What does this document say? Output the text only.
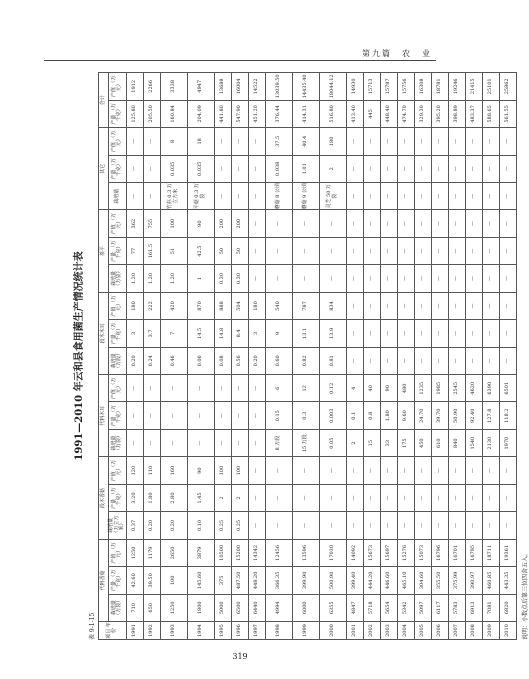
第九篇　农　业
1991—2010 年云和县食用菌生产情况统计表
表 9-1-15	项目 年份	代料香菇			段木香菇			代料木耳			段木木耳			茶平			其它			合计	
	栽培量 （万袋）	产量 （万千克）	产值 （万元）	栽培量 （万立方米）	产量 （万千克）	产值 （万元）	栽培量 （万袋）	产量 （万千克）	产值 （万元）	栽培量 （万段）	产量 （万千克）	产值 （万元）	栽培量 （万袋）	产量 （万千克）	产值 （万元）	栽培量	产量 （万千克）	产值 （万元）	产量 （万千克）	产值 （万元）
1991	710	42.60	1250	0.37	3.20	120	—	—	—	0.20	3	180	1.20	77	362	—	—	—	125.80	1912
1992	650	39.50	1179	0.20	1.80	110	—	—	—	0.24	3.7	222	1.20	161.5	755	—	—	—	205.50	2266
1993	1250	100	2650	0.20	2.80	160	—	—	—	0.46	7	420	1.20	51	100	竹荪 0.3 万立方米	0.035	8	160.84	3338
1994	1800	145.60	3879	0.10	1.45	90	—	—	—	0.06	14.5	870	1	42.5	90	平菇 0.3 万袋	0.035	18	204.09	4947
1995	5000	375	10500	0.25	2	100	—	—	—	0.08	14.8	888	0.30	50	200	—	—	—	441.80	13688
1996	6500	487.50	15200	0.25	2	100	—	—	—	0.56	8.4	504	0.30	50	200	—	—	—	547.90	16004
1997	6440	448.20	14342	—	—	—	—	—	—	0.20	3	180	—	—	—	—	—	—	451.20	14522
1998	4994	366.35	12456	—	—	—	8 万段	0.15	6	0.60	9	540	—	—	—	蘑菇 8 公顷	0.938	37.5	376.44	13039.50
1999	6000	399.90	13596	—	—	—	15 万段	0.3	12	0.82	13.1	787	—	—	—	蘑菇 9 公顷	1.01	40.4	414.31	14435.40
2000	6355	500.90	17030	—	—	—	0.05	0.003	0.12	0.81	13.9	834	—	—	—	灵芝 50 万袋	2	180	516.80	18044.12
2001	4847	399.40	14092	—	—	—	2	0.1	4	—	—	—	—	—	—	—	—	—	413.40	14930
2002	5718	444.20	15673	—	—	—	15	0.8	40	—	—	—	—	—	—	—	—	—	445	15713
2003	5654	446.60	15697	—	—	—	33	1.80	90	—	—	—	—	—	—	—	—	—	448.40	15787
2004	5342	465.10	15276	—	—	—	175	9.60	480	—	—	—	—	—	—	—	—	—	474.70	15756
2005	5097	304.60	15073	—	—	—	450	24.70	1235	—	—	—	—	—	—	—	—	—	329.30	16308
2006	6117	355.50	16796	—	—	—	610	39.70	1985	—	—	—	—	—	—	—	—	—	395.20	18781
2007	5783	375.99	16701	—	—	—	840	50.90	2545	—	—	—	—	—	—	—	—	—	398.89	19246
2008	6913	390.97	16795	—	—	—	1540	92.40	4620	—	—	—	—	—	—	—	—	—	483.37	21415
2009	7081	460.85	18711	—	—	—	2130	127.8	6390	—	—	—	—	—	—	—	—	—	588.65	25101
2010	6820	443.35	19361	—	—	—	1970	118.2	6501	—	—	—	—	—	—	—	—	—	561.55	25862
说明：小数点后第三位四舍五入。
319
